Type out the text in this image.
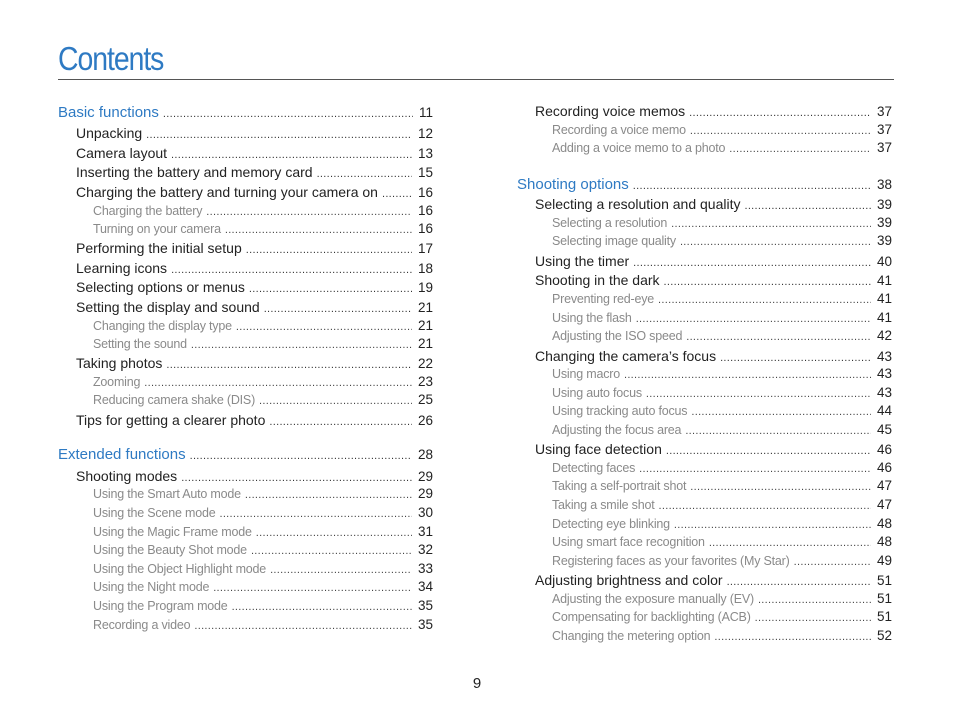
Contents
Basic functions .....	11
Unpacking .....	12
Camera layout .....	13
Inserting the battery and memory card .....	15
Charging the battery and turning your camera on .....	16
Charging the battery .....	16
Turning on your camera .....	16
Performing the initial setup .....	17
Learning icons .....	18
Selecting options or menus .....	19
Setting the display and sound .....	21
Changing the display type .....	21
Setting the sound .....	21
Taking photos .....	22
Zooming .....	23
Reducing camera shake (DIS) .....	25
Tips for getting a clearer photo .....	26
Extended functions .....	28
Shooting modes .....	29
Using the Smart Auto mode .....	29
Using the Scene mode .....	30
Using the Magic Frame mode .....	31
Using the Beauty Shot mode .....	32
Using the Object Highlight mode .....	33
Using the Night mode .....	34
Using the Program mode .....	35
Recording a video .....	35
Recording voice memos .....	37
Recording a voice memo .....	37
Adding a voice memo to a photo .....	37
Shooting options .....	38
Selecting a resolution and quality .....	39
Selecting a resolution .....	39
Selecting image quality .....	39
Using the timer .....	40
Shooting in the dark .....	41
Preventing red-eye .....	41
Using the flash .....	41
Adjusting the ISO speed .....	42
Changing the camera’s focus .....	43
Using macro .....	43
Using auto focus .....	43
Using tracking auto focus .....	44
Adjusting the focus area .....	45
Using face detection .....	46
Detecting faces .....	46
Taking a self-portrait shot .....	47
Taking a smile shot .....	47
Detecting eye blinking .....	48
Using smart face recognition .....	48
Registering faces as your favorites (My Star) .....	49
Adjusting brightness and color .....	51
Adjusting the exposure manually (EV) .....	51
Compensating for backlighting (ACB) .....	51
Changing the metering option .....	52
9
